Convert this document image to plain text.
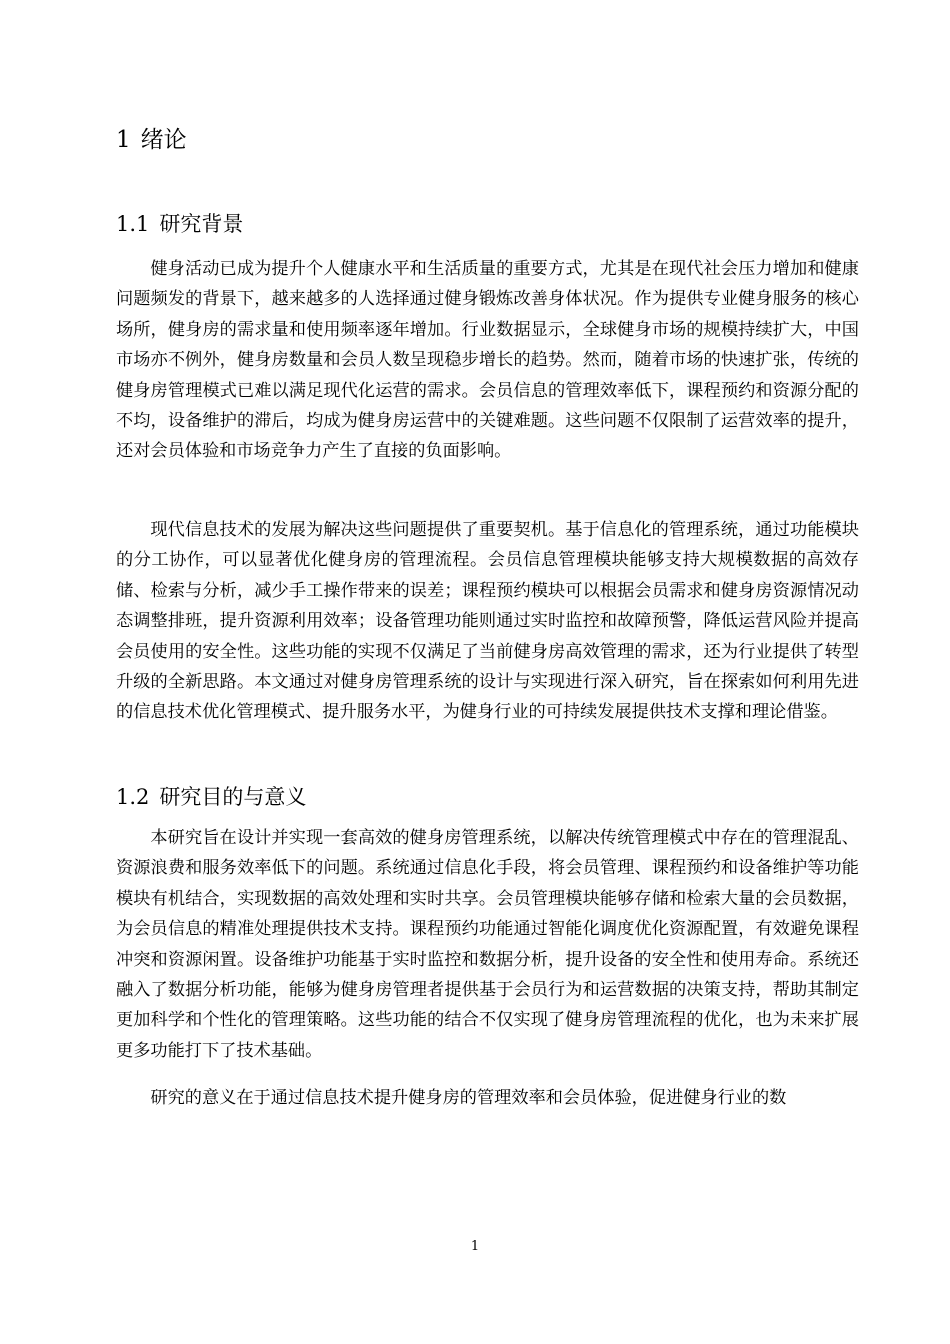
1 绪论
1.1 研究背景

健身活动已成为提升个人健康水平和生活质量的重要方式，尤其是在现代社会压力增加和健康问题频发的背景下，越来越多的人选择通过健身锻炼改善身体状况。作为提供专业健身服务的核心场所，健身房的需求量和使用频率逐年增加。行业数据显示，全球健身市场的规模持续扩大，中国市场亦不例外，健身房数量和会员人数呈现稳步增长的趋势。然而，随着市场的快速扩张，传统的健身房管理模式已难以满足现代化运营的需求。会员信息的管理效率低下，课程预约和资源分配的不均，设备维护的滞后，均成为健身房运营中的关键难题。这些问题不仅限制了运营效率的提升，还对会员体验和市场竞争力产生了直接的负面影响。

现代信息技术的发展为解决这些问题提供了重要契机。基于信息化的管理系统，通过功能模块的分工协作，可以显著优化健身房的管理流程。会员信息管理模块能够支持大规模数据的高效存储、检索与分析，减少手工操作带来的误差；课程预约模块可以根据会员需求和健身房资源情况动态调整排班，提升资源利用效率；设备管理功能则通过实时监控和故障预警，降低运营风险并提高会员使用的安全性。这些功能的实现不仅满足了当前健身房高效管理的需求，还为行业提供了转型升级的全新思路。本文通过对健身房管理系统的设计与实现进行深入研究，旨在探索如何利用先进的信息技术优化管理模式、提升服务水平，为健身行业的可持续发展提供技术支撑和理论借鉴。

1.2 研究目的与意义

本研究旨在设计并实现一套高效的健身房管理系统，以解决传统管理模式中存在的管理混乱、资源浪费和服务效率低下的问题。系统通过信息化手段，将会员管理、课程预约和设备维护等功能模块有机结合，实现数据的高效处理和实时共享。会员管理模块能够存储和检索大量的会员数据，为会员信息的精准处理提供技术支持。课程预约功能通过智能化调度优化资源配置，有效避免课程冲突和资源闲置。设备维护功能基于实时监控和数据分析，提升设备的安全性和使用寿命。系统还融入了数据分析功能，能够为健身房管理者提供基于会员行为和运营数据的决策支持，帮助其制定更加科学和个性化的管理策略。这些功能的结合不仅实现了健身房管理流程的优化，也为未来扩展更多功能打下了技术基础。

研究的意义在于通过信息技术提升健身房的管理效率和会员体验，促进健身行业的数

1
